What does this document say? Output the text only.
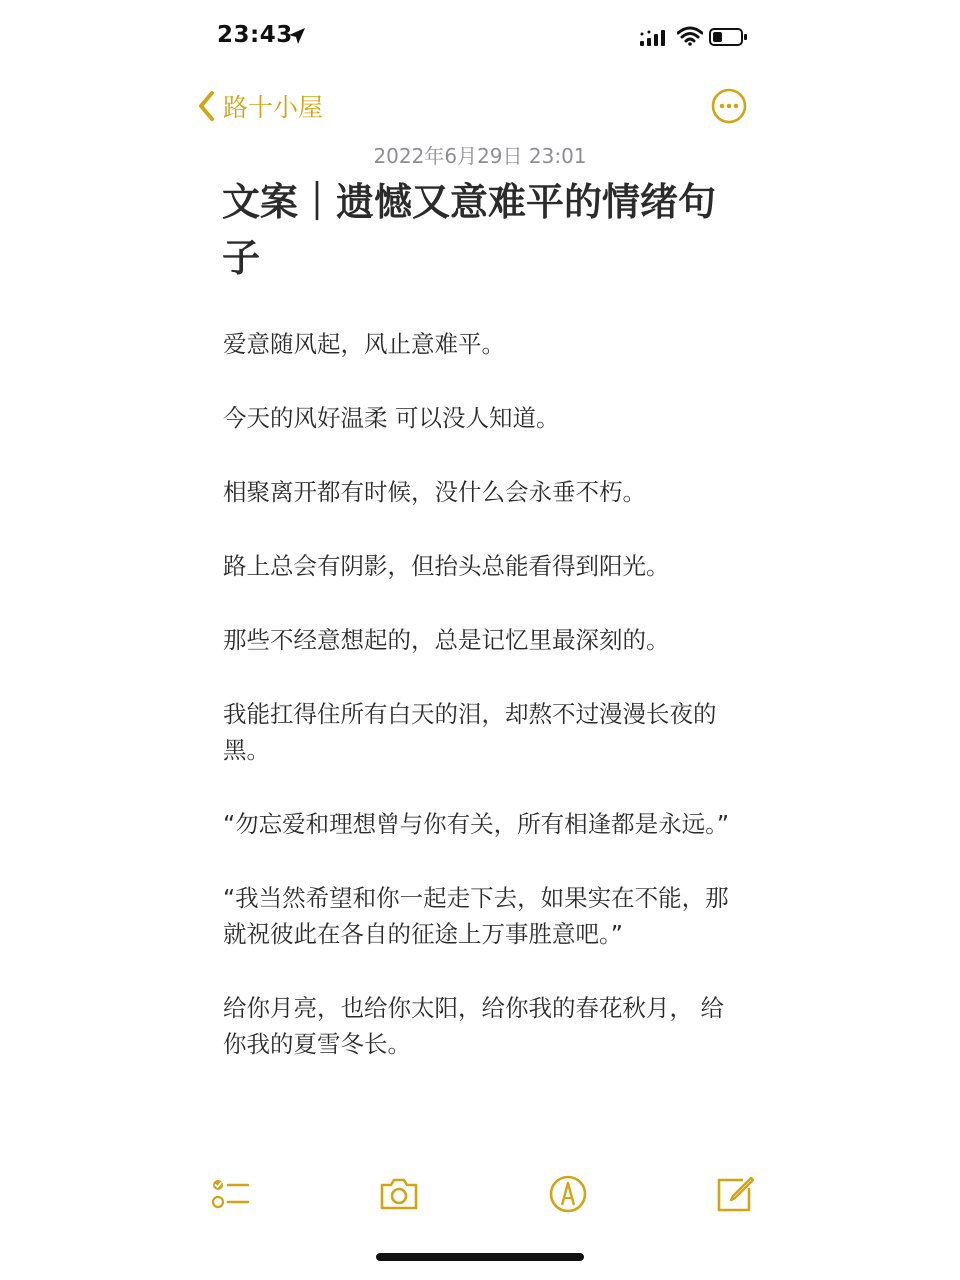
23:43
路十小屋
2022年6月29日 23:01
文案｜遗憾又意难平的情绪句子

爱意随风起，风止意难平。

今天的风好温柔 可以没人知道。

相聚离开都有时候，没什么会永垂不朽。

路上总会有阴影，但抬头总能看得到阳光。

那些不经意想起的，总是记忆里最深刻的。

我能扛得住所有白天的泪，却熬不过漫漫长夜的黑。

“勿忘爱和理想曾与你有关，所有相逢都是永远。”

“我当然希望和你一起走下去，如果实在不能，那就祝彼此在各自的征途上万事胜意吧。”

给你月亮，也给你太阳，给你我的春花秋月， 给你我的夏雪冬长。
